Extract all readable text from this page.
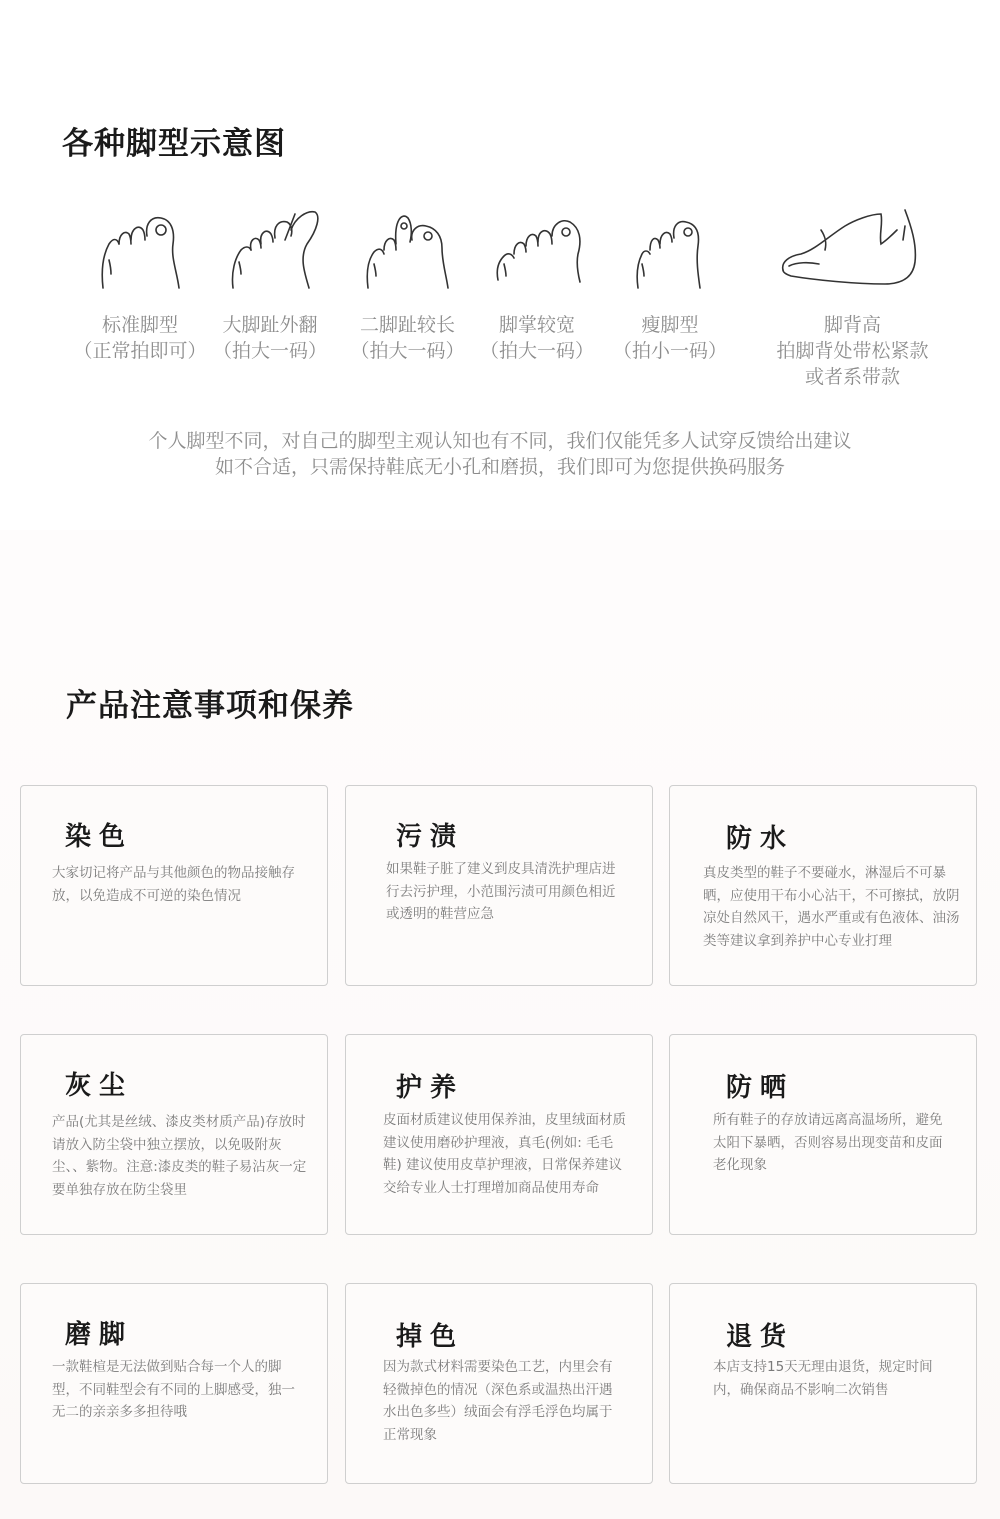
各种脚型示意图
标准脚型
（正常拍即可）
大脚趾外翻
（拍大一码）
二脚趾较长
（拍大一码）
脚掌较宽
（拍大一码）
瘦脚型
（拍小一码）
脚背高
拍脚背处带松紧款
或者系带款
个人脚型不同，对自己的脚型主观认知也有不同，我们仅能凭多人试穿反馈给出建议
如不合适，只需保持鞋底无小孔和磨损，我们即可为您提供换码服务
产品注意事项和保养
染色
大家切记将产品与其他颜色的物品接触存放，以免造成不可逆的染色情况
污渍
如果鞋子脏了建义到皮具清洗护理店进行去污护理，小范围污渍可用颜色相近或透明的鞋营应急
防水
真皮类型的鞋子不要碰水，淋湿后不可暴晒，应使用干布小心沾干，不可擦拭，放阴凉处自然风干，遇水严重或有色液体、油汤类等建议拿到养护中心专业打理
灰尘
产品(尤其是丝绒、漆皮类材质产品)存放时请放入防尘袋中独立摆放，以免吸附灰尘、、紫物。注意:漆皮类的鞋子易沾灰一定要单独存放在防尘袋里
护养
皮面材质建议使用保养油，皮里绒面材质建议使用磨砂护理液，真毛(例如: 毛毛鞋) 建议使用皮草护理液，日常保养建议交给专业人士打理增加商品使用寿命
防晒
所有鞋子的存放请远离高温场所，避免太阳下暴晒，否则容易出现变苗和皮面老化现象
磨脚
一款鞋楦是无法做到贴合每一个人的脚型，不同鞋型会有不同的上脚感受，独一无二的亲亲多多担待哦
掉色
因为款式材料需要染色工艺，内里会有轻微掉色的情况（深色系或温热出汗遇水出色多些）绒面会有浮毛浮色均属于正常现象
退货
本店支持15天无理由退货，规定时间内，确保商品不影响二次销售
